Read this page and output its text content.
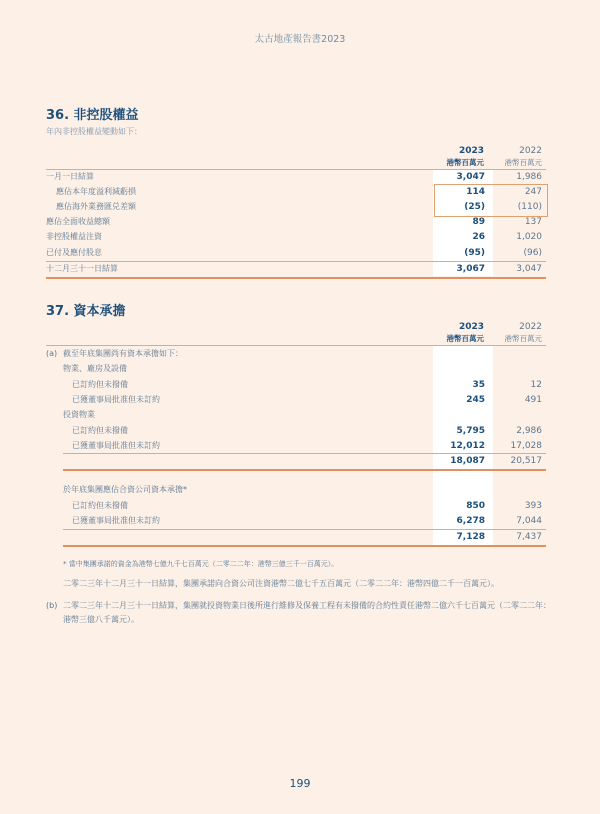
太古地產報告書2023
36. 非控股權益
年內非控股權益變動如下：
2023
港幣百萬元
2022
港幣百萬元
一月一日結算	3,047	1,986
應佔本年度溢利減虧損	114	247
應佔海外業務匯兑差額	(25)	(110)
應佔全面收益總額	89	137
非控股權益注資	26	1,020
已付及應付股息	(95)	(96)
十二月三十一日結算	3,067	3,047
37. 資本承擔
2023
港幣百萬元
2022
港幣百萬元
(a) 截至年底集團尚有資本承擔如下：
物業、廠房及設備
已訂約但未撥備	35	12
已獲董事局批准但未訂約	245	491
投資物業
已訂約但未撥備	5,795	2,986
已獲董事局批准但未訂約	12,012	17,028
18,087	20,517
於年底集團應佔合資公司資本承擔*
已訂約但未撥備	850	393
已獲董事局批准但未訂約	6,278	7,044
7,128	7,437
* 當中集團承諾的資金為港幣七億九千七百萬元（二零二二年：港幣三億三千一百萬元）。
二零二三年十二月三十一日結算，集團承諾向合資公司注資港幣二億七千五百萬元（二零二二年：港幣四億二千一百萬元）。
(b) 二零二三年十二月三十一日結算，集團就投資物業日後所進行維修及保養工程有未撥備的合約性責任港幣二億六千七百萬元（二零二二年：港幣三億八千萬元）。
199
